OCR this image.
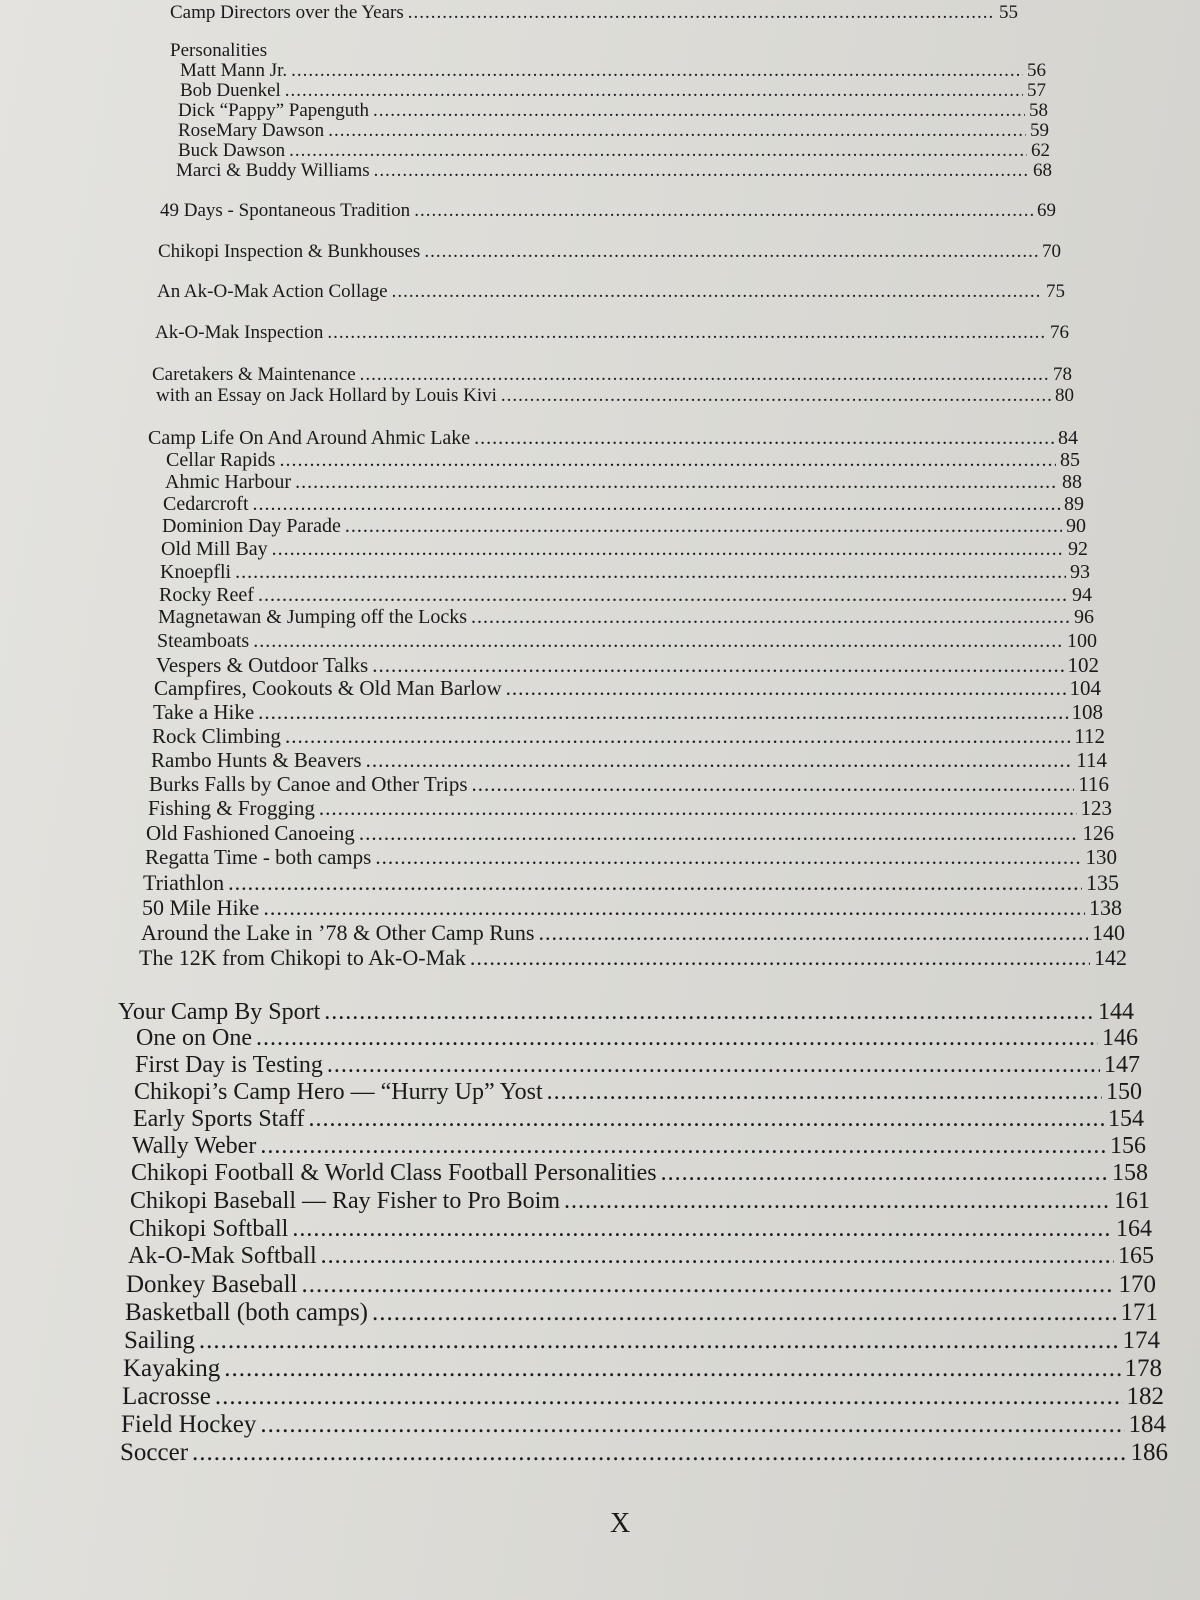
Camp Directors over the Years .....	55
Personalities
Matt Mann Jr. .....	56
Bob Duenkel .....	57
Dick “Pappy” Papenguth .....	58
RoseMary Dawson .....	59
Buck Dawson .....	62
Marci & Buddy Williams .....	68
49 Days - Spontaneous Tradition .....	69
Chikopi Inspection & Bunkhouses .....	70
An Ak-O-Mak Action Collage .....	75
Ak-O-Mak Inspection .....	76
Caretakers & Maintenance .....	78
with an Essay on Jack Hollard by Louis Kivi .....	80
Camp Life On And Around Ahmic Lake .....	84
Cellar Rapids .....	85
Ahmic Harbour .....	88
Cedarcroft .....	89
Dominion Day Parade .....	90
Old Mill Bay .....	92
Knoepfli .....	93
Rocky Reef .....	94
Magnetawan & Jumping off the Locks .....	96
Steamboats .....	100
Vespers & Outdoor Talks .....	102
Campfires, Cookouts & Old Man Barlow .....	104
Take a Hike .....	108
Rock Climbing .....	112
Rambo Hunts & Beavers .....	114
Burks Falls by Canoe and Other Trips .....	116
Fishing & Frogging .....	123
Old Fashioned Canoeing .....	126
Regatta Time - both camps .....	130
Triathlon .....	135
50 Mile Hike .....	138
Around the Lake in ’78 & Other Camp Runs .....	140
The 12K from Chikopi to Ak-O-Mak .....	142
Your Camp By Sport .....	144
One on One .....	146
First Day is Testing .....	147
Chikopi’s Camp Hero — “Hurry Up” Yost .....	150
Early Sports Staff .....	154
Wally Weber .....	156
Chikopi Football & World Class Football Personalities .....	158
Chikopi Baseball — Ray Fisher to Pro Boim .....	161
Chikopi Softball .....	164
Ak-O-Mak Softball .....	165
Donkey Baseball .....	170
Basketball (both camps) .....	171
Sailing .....	174
Kayaking .....	178
Lacrosse .....	182
Field Hockey .....	184
Soccer .....	186
X
